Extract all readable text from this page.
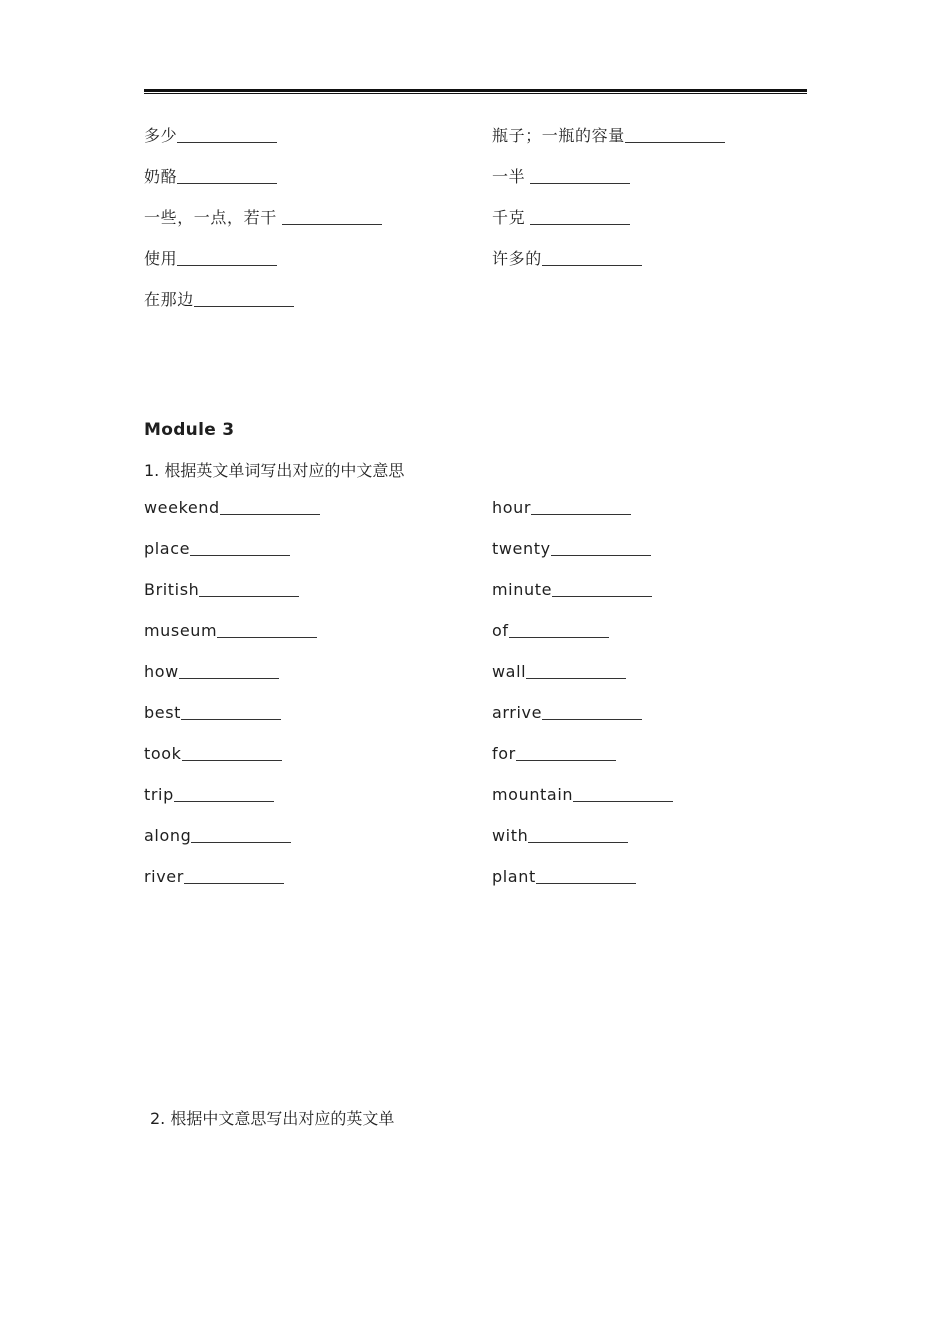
多少
奶酪
一些，一点，若干
使用
在那边
瓶子；一瓶的容量
一半
千克
许多的
Module 3
1. 根据英文单词写出对应的中文意思
weekend
place
British
museum
how
best
took
trip
along
river
hour
twenty
minute
of
wall
arrive
for
mountain
with
plant
2. 根据中文意思写出对应的英文单
